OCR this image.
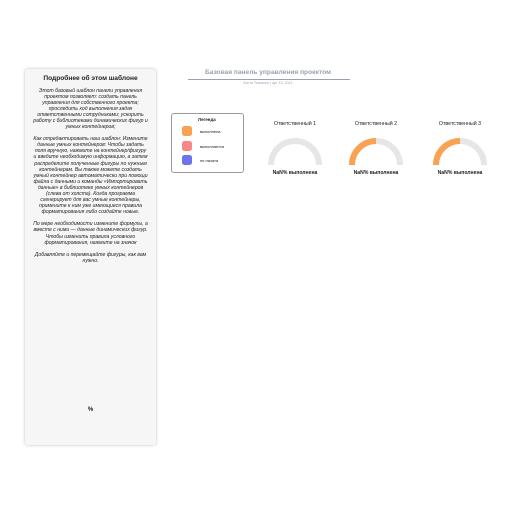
Подробнее об этом шаблоне

Этот базовый шаблон панели управления проектом позволяет: создать панель управления для собственного проекта; проследить ход выполнения задач ответственными сотрудниками; ускорить работу с библиотеками динамических фигур и умных контейнеров;

Как отредактировать наш шаблон: Измените данные умных контейнеров: Чтобы задать поля вручную, нажмите на контейнер/фигуру и введите необходимую информацию, а затем распределите полученные фигуры по нужным контейнерам. Вы также можете создать умный контейнер автоматически при помощи файла с данными и команды «Импортировать данные» в библиотеке умных контейнеров (слева от холста). Когда программа сгенерирует для вас умные контейнеры, примените к ним уже имеющиеся правила форматирования либо создайте новые.

По мере необходимости измените формулы, а вместе с ними — данные динамических фигур. Чтобы изменить правила условного форматирования, нажмите на значок

Добавляйте и перемещайте фигуры, как вам нужно.

%
Базовая панель управления проектом
Костя Ткаченко | Apr 13, 2021
Легенда
выполнена
выполняется
не начата
Ответственный 1
NaN% выполнена
Ответственный 2
NaN% выполнена
Ответственный 3
NaN% выполнена
